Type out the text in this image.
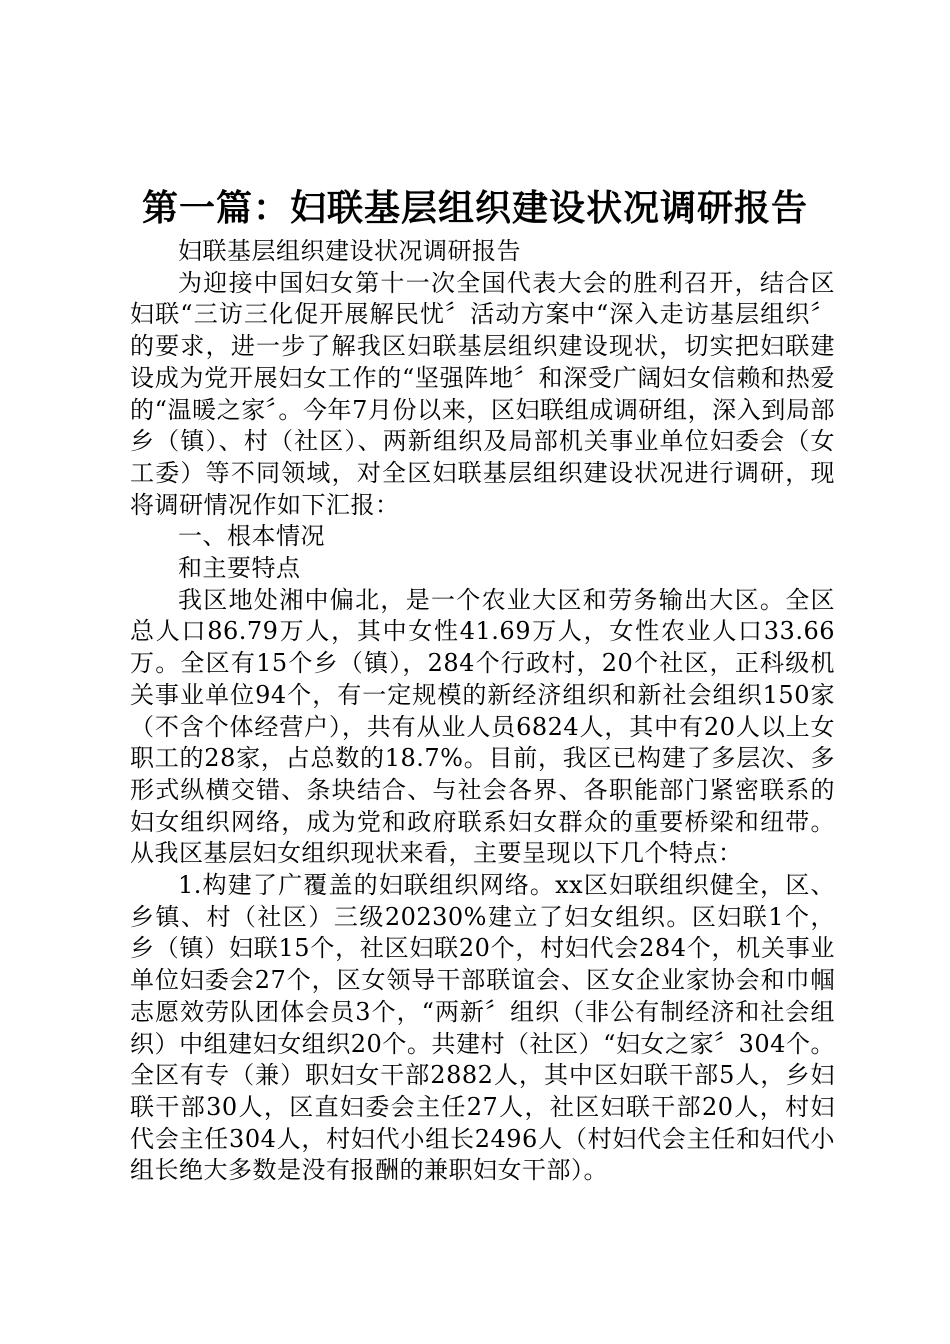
第一篇：妇联基层组织建设状况调研报告

妇联基层组织建设状况调研报告

为迎接中国妇女第十一次全国代表大会的胜利召开，结合区妇联“三访三化促开展解民忧〞活动方案中“深入走访基层组织〞的要求，进一步了解我区妇联基层组织建设现状，切实把妇联建设成为党开展妇女工作的“坚强阵地〞和深受广阔妇女信赖和热爱的“温暖之家〞。今年7月份以来，区妇联组成调研组，深入到局部乡（镇）、村（社区）、两新组织及局部机关事业单位妇委会（女工委）等不同领域，对全区妇联基层组织建设状况进行调研，现将调研情况作如下汇报：

一、根本情况

和主要特点

我区地处湘中偏北，是一个农业大区和劳务输出大区。全区总人口86.79万人，其中女性41.69万人，女性农业人口33.66万。全区有15个乡（镇），284个行政村，20个社区，正科级机关事业单位94个，有一定规模的新经济组织和新社会组织150家（不含个体经营户），共有从业人员6824人，其中有20人以上女职工的28家，占总数的18.7%。目前，我区已构建了多层次、多形式纵横交错、条块结合、与社会各界、各职能部门紧密联系的妇女组织网络，成为党和政府联系妇女群众的重要桥梁和纽带。从我区基层妇女组织现状来看，主要呈现以下几个特点：

1.构建了广覆盖的妇联组织网络。xx区妇联组织健全，区、乡镇、村（社区）三级20230%建立了妇女组织。区妇联1个，乡（镇）妇联15个，社区妇联20个，村妇代会284个，机关事业单位妇委会27个，区女领导干部联谊会、区女企业家协会和巾帼志愿效劳队团体会员3个，“两新〞组织（非公有制经济和社会组织）中组建妇女组织20个。共建村（社区）“妇女之家〞304个。全区有专（兼）职妇女干部2882人，其中区妇联干部5人，乡妇联干部30人，区直妇委会主任27人，社区妇联干部20人，村妇代会主任304人，村妇代小组长2496人（村妇代会主任和妇代小组长绝大多数是没有报酬的兼职妇女干部）。
